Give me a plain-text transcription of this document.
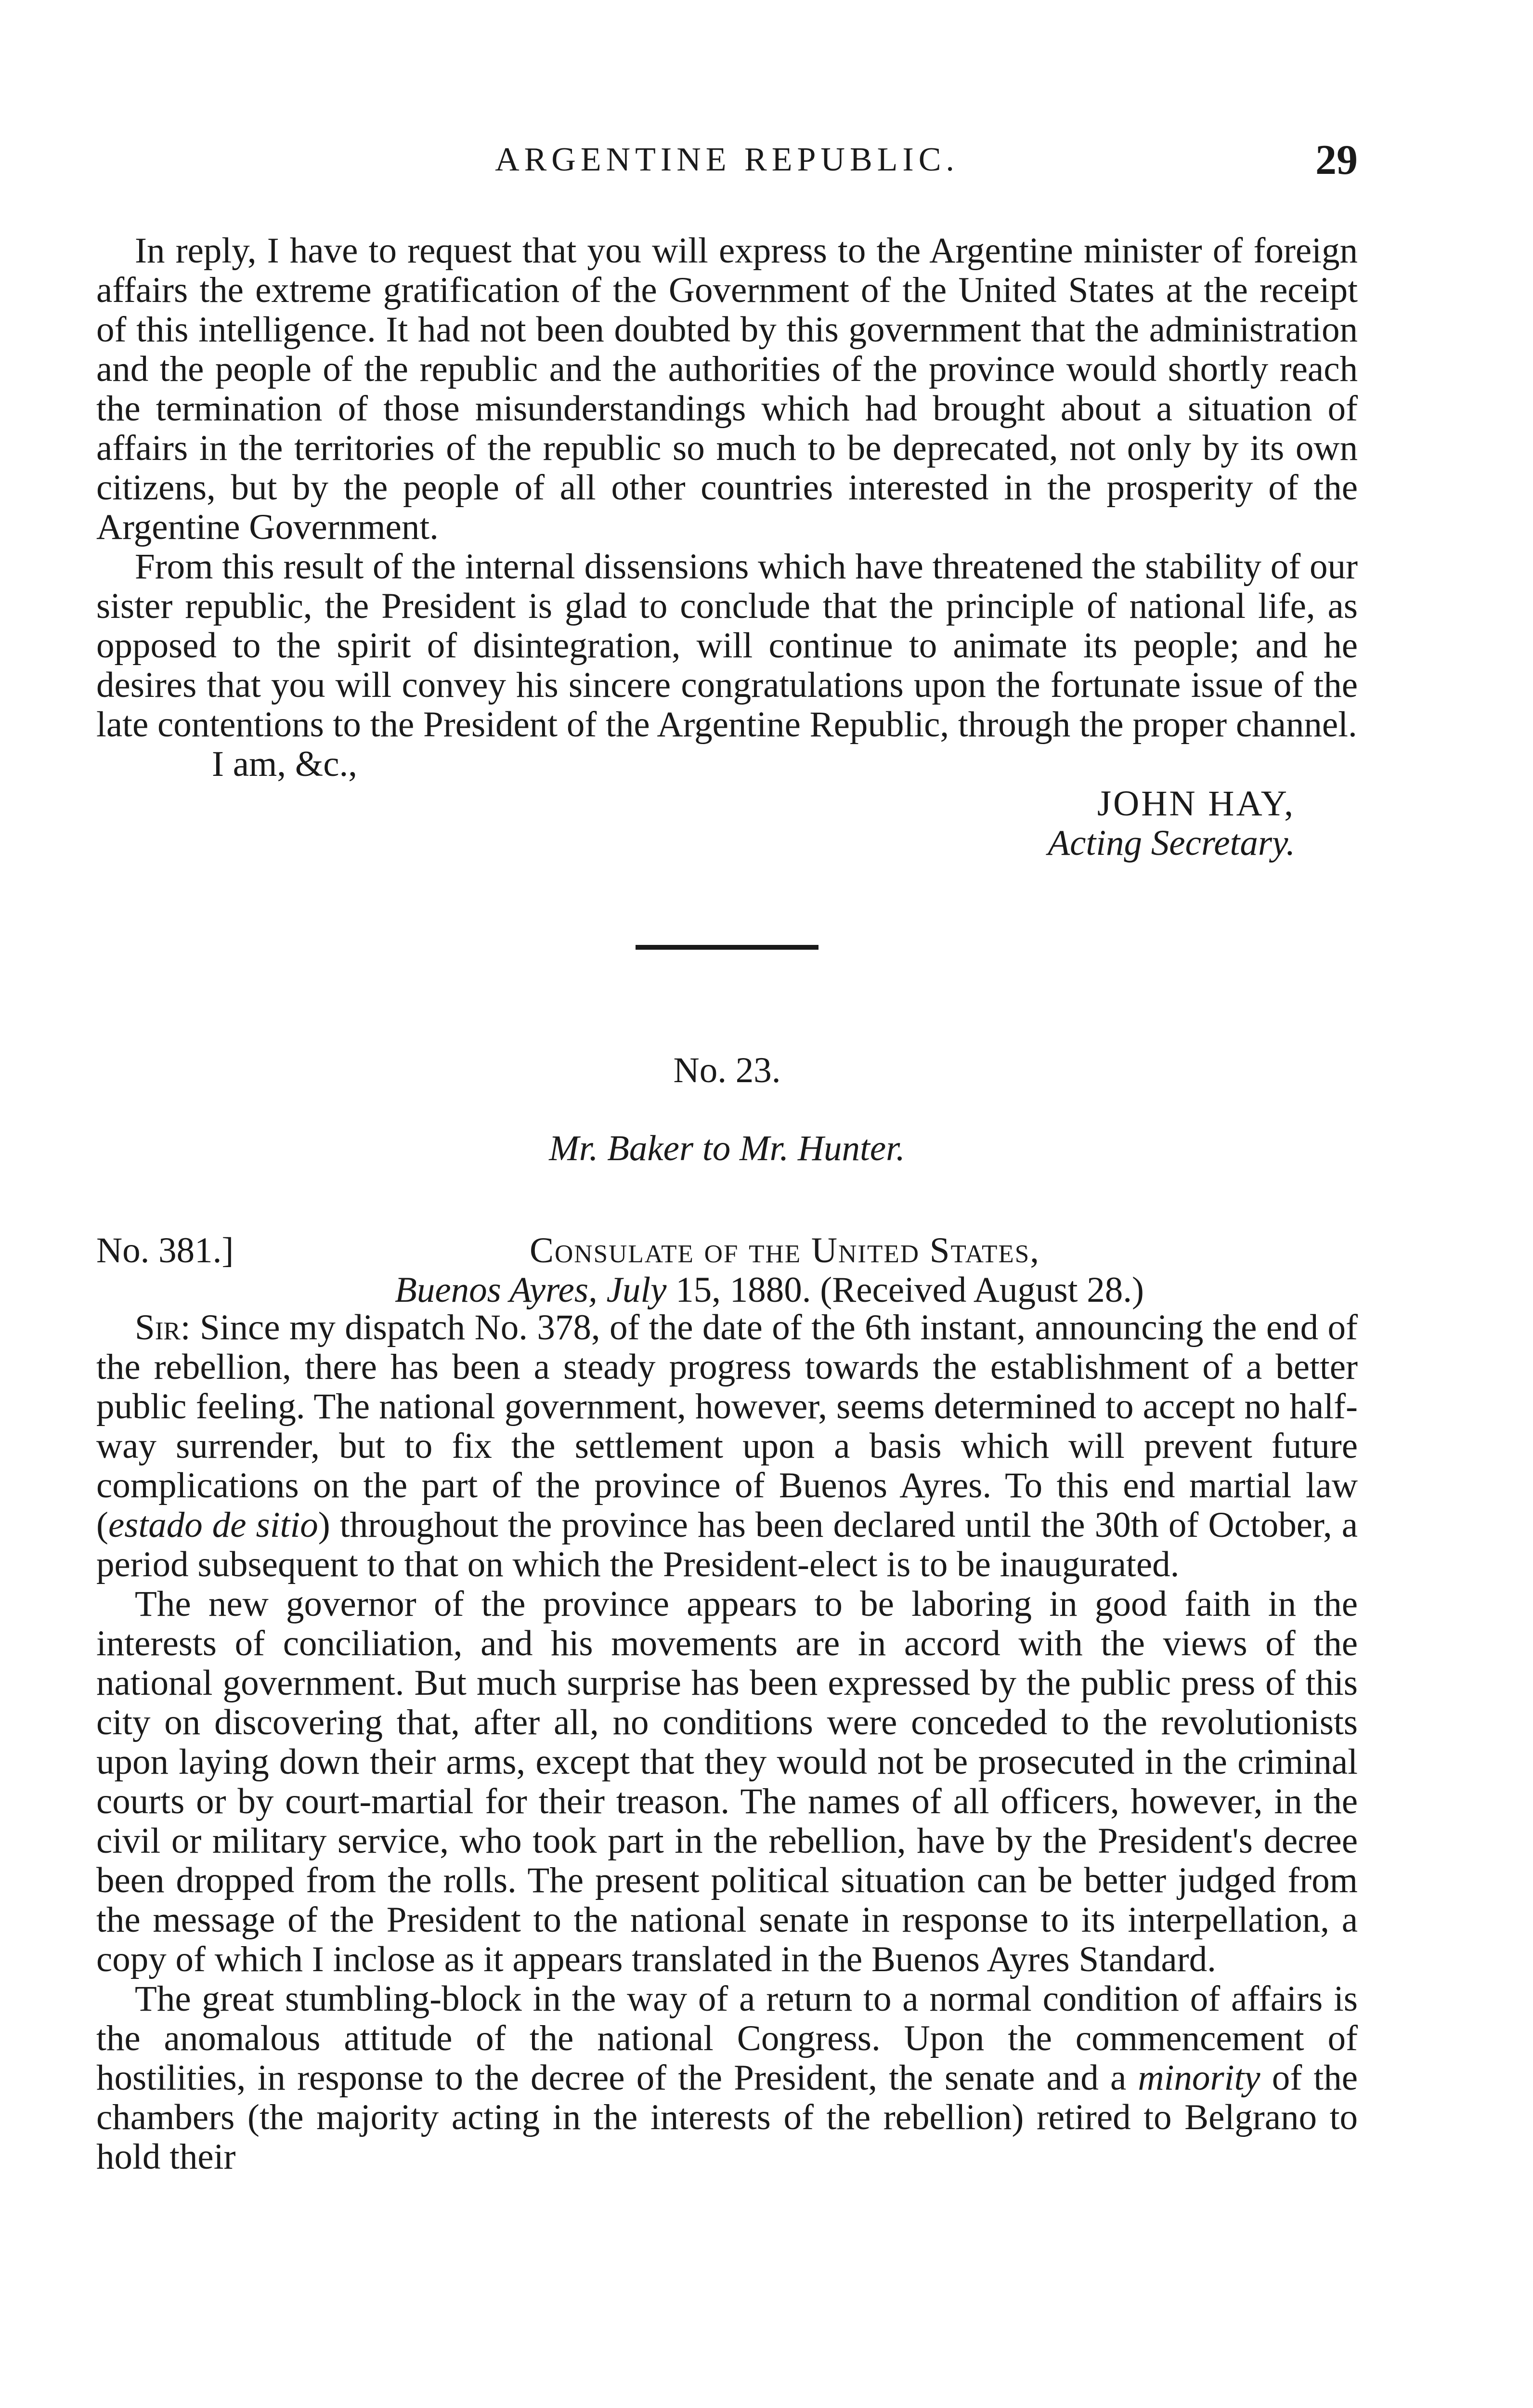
ARGENTINE REPUBLIC.	29

In reply, I have to request that you will express to the Argentine minister of foreign affairs the extreme gratification of the Government of the United States at the receipt of this intelligence. It had not been doubted by this government that the administration and the people of the republic and the authorities of the province would shortly reach the termination of those misunderstandings which had brought about a situation of affairs in the territories of the republic so much to be deprecated, not only by its own citizens, but by the people of all other countries interested in the prosperity of the Argentine Government.

From this result of the internal dissensions which have threatened the stability of our sister republic, the President is glad to conclude that the principle of national life, as opposed to the spirit of disintegration, will continue to animate its people; and he desires that you will convey his sincere congratulations upon the fortunate issue of the late contentions to the President of the Argentine Republic, through the proper channel.

I am, &c.,

JOHN HAY,
Acting Secretary.

No. 23.

Mr. Baker to Mr. Hunter.

No. 381.]	Consulate of the United States,
Buenos Ayres, July 15, 1880. (Received August 28.)

Sir: Since my dispatch No. 378, of the date of the 6th instant, announcing the end of the rebellion, there has been a steady progress towards the establishment of a better public feeling. The national government, however, seems determined to accept no half-way surrender, but to fix the settlement upon a basis which will prevent future complications on the part of the province of Buenos Ayres. To this end martial law (estado de sitio) throughout the province has been declared until the 30th of October, a period subsequent to that on which the President-elect is to be inaugurated.

The new governor of the province appears to be laboring in good faith in the interests of conciliation, and his movements are in accord with the views of the national government. But much surprise has been expressed by the public press of this city on discovering that, after all, no conditions were conceded to the revolutionists upon laying down their arms, except that they would not be prosecuted in the criminal courts or by court-martial for their treason. The names of all officers, however, in the civil or military service, who took part in the rebellion, have by the President's decree been dropped from the rolls. The present political situation can be better judged from the message of the President to the national senate in response to its interpellation, a copy of which I inclose as it appears translated in the Buenos Ayres Standard.

The great stumbling-block in the way of a return to a normal condition of affairs is the anomalous attitude of the national Congress. Upon the commencement of hostilities, in response to the decree of the President, the senate and a minority of the chambers (the majority acting in the interests of the rebellion) retired to Belgrano to hold their
